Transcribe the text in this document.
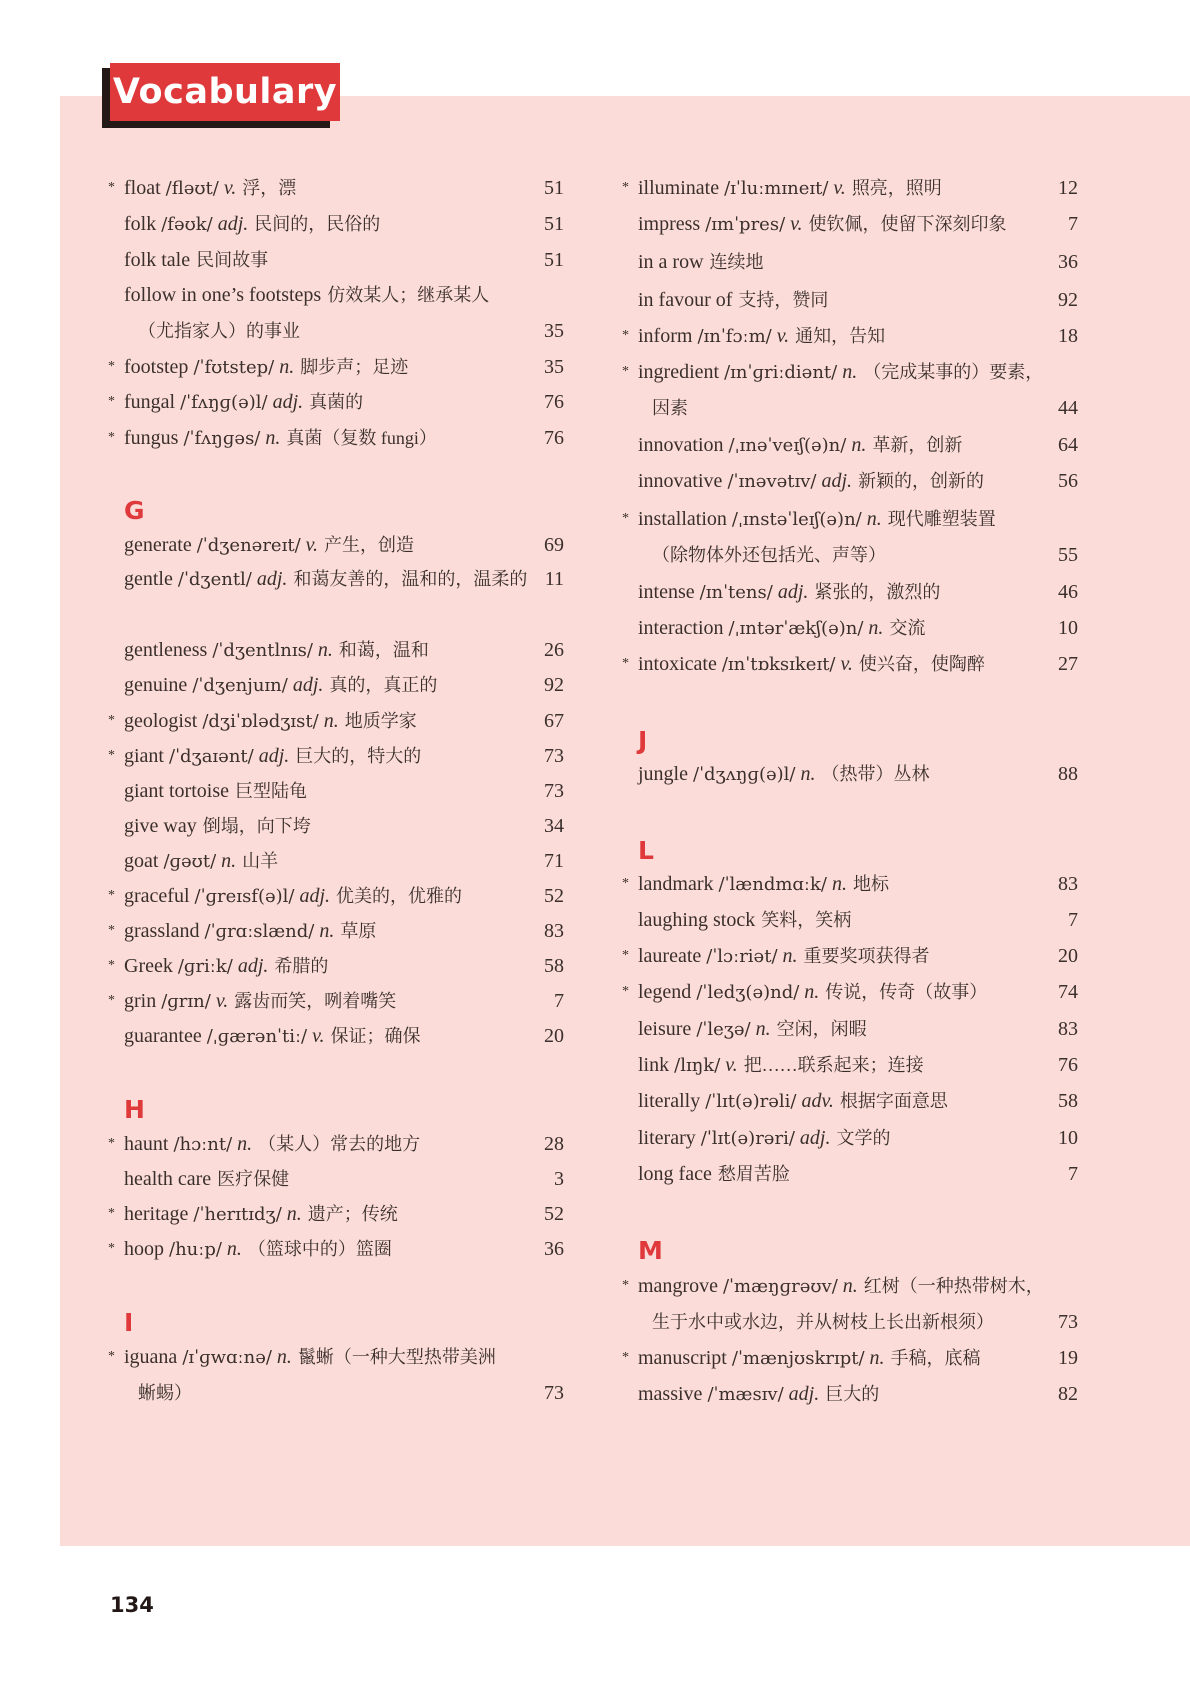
Vocabulary
* float /fləʊt/ v. 浮，漂	51
folk /fəʊk/ adj. 民间的，民俗的	51
folk tale 民间故事	51
follow in one’s footsteps 仿效某人；继承某人
（尤指家人）的事业	35
* footstep /ˈfʊtstep/ n. 脚步声；足迹	35
* fungal /ˈfʌŋɡ(ə)l/ adj. 真菌的	76
* fungus /ˈfʌŋɡəs/ n. 真菌（复数 fungi）	76
G
generate /ˈdʒenəreɪt/ v. 产生，创造	69
gentle /ˈdʒentl/ adj. 和蔼友善的，温和的，温柔的 11
gentleness /ˈdʒentlnɪs/ n. 和蔼，温和	26
genuine /ˈdʒenjuɪn/ adj. 真的，真正的	92
* geologist /dʒiˈɒlədʒɪst/ n. 地质学家	67
* giant /ˈdʒaɪənt/ adj. 巨大的，特大的	73
giant tortoise 巨型陆龟	73
give way 倒塌，向下垮	34
goat /ɡəʊt/ n. 山羊	71
* graceful /ˈɡreɪsf(ə)l/ adj. 优美的，优雅的	52
* grassland /ˈɡrɑːslænd/ n. 草原	83
* Greek /ɡriːk/ adj. 希腊的	58
* grin /ɡrɪn/ v. 露齿而笑，咧着嘴笑	7
guarantee /ˌɡærənˈtiː/ v. 保证；确保	20
H
* haunt /hɔːnt/ n. （某人）常去的地方	28
health care 医疗保健	3
* heritage /ˈherɪtɪdʒ/ n. 遗产；传统	52
* hoop /huːp/ n. （篮球中的）篮圈	36
I
* iguana /ɪˈɡwɑːnə/ n. 鬣蜥（一种大型热带美洲
蜥蜴）	73
* illuminate /ɪˈluːmɪneɪt/ v. 照亮，照明	12
impress /ɪmˈpres/ v. 使钦佩，使留下深刻印象	7
in a row 连续地	36
in favour of 支持，赞同	92
* inform /ɪnˈfɔːm/ v. 通知，告知	18
* ingredient /ɪnˈɡriːdiənt/ n. （完成某事的）要素，
因素	44
innovation /ˌɪnəˈveɪʃ(ə)n/ n. 革新，创新	64
innovative /ˈɪnəvətɪv/ adj. 新颖的，创新的	56
* installation /ˌɪnstəˈleɪʃ(ə)n/ n. 现代雕塑装置
（除物体外还包括光、声等）	55
intense /ɪnˈtens/ adj. 紧张的，激烈的	46
interaction /ˌɪntərˈækʃ(ə)n/ n. 交流	10
* intoxicate /ɪnˈtɒksɪkeɪt/ v. 使兴奋，使陶醉	27
J
jungle /ˈdʒʌŋɡ(ə)l/ n. （热带）丛林	88
L
* landmark /ˈlændmɑːk/ n. 地标	83
laughing stock 笑料，笑柄	7
* laureate /ˈlɔːriət/ n. 重要奖项获得者	20
* legend /ˈledʒ(ə)nd/ n. 传说，传奇（故事）	74
leisure /ˈleʒə/ n. 空闲，闲暇	83
link /lɪŋk/ v. 把……联系起来；连接	76
literally /ˈlɪt(ə)rəli/ adv. 根据字面意思	58
literary /ˈlɪt(ə)rəri/ adj. 文学的	10
long face 愁眉苦脸	7
M
* mangrove /ˈmæŋɡrəʊv/ n. 红树（一种热带树木，
生于水中或水边，并从树枝上长出新根须）	73
* manuscript /ˈmænjʊskrɪpt/ n. 手稿，底稿	19
massive /ˈmæsɪv/ adj. 巨大的	82
134
